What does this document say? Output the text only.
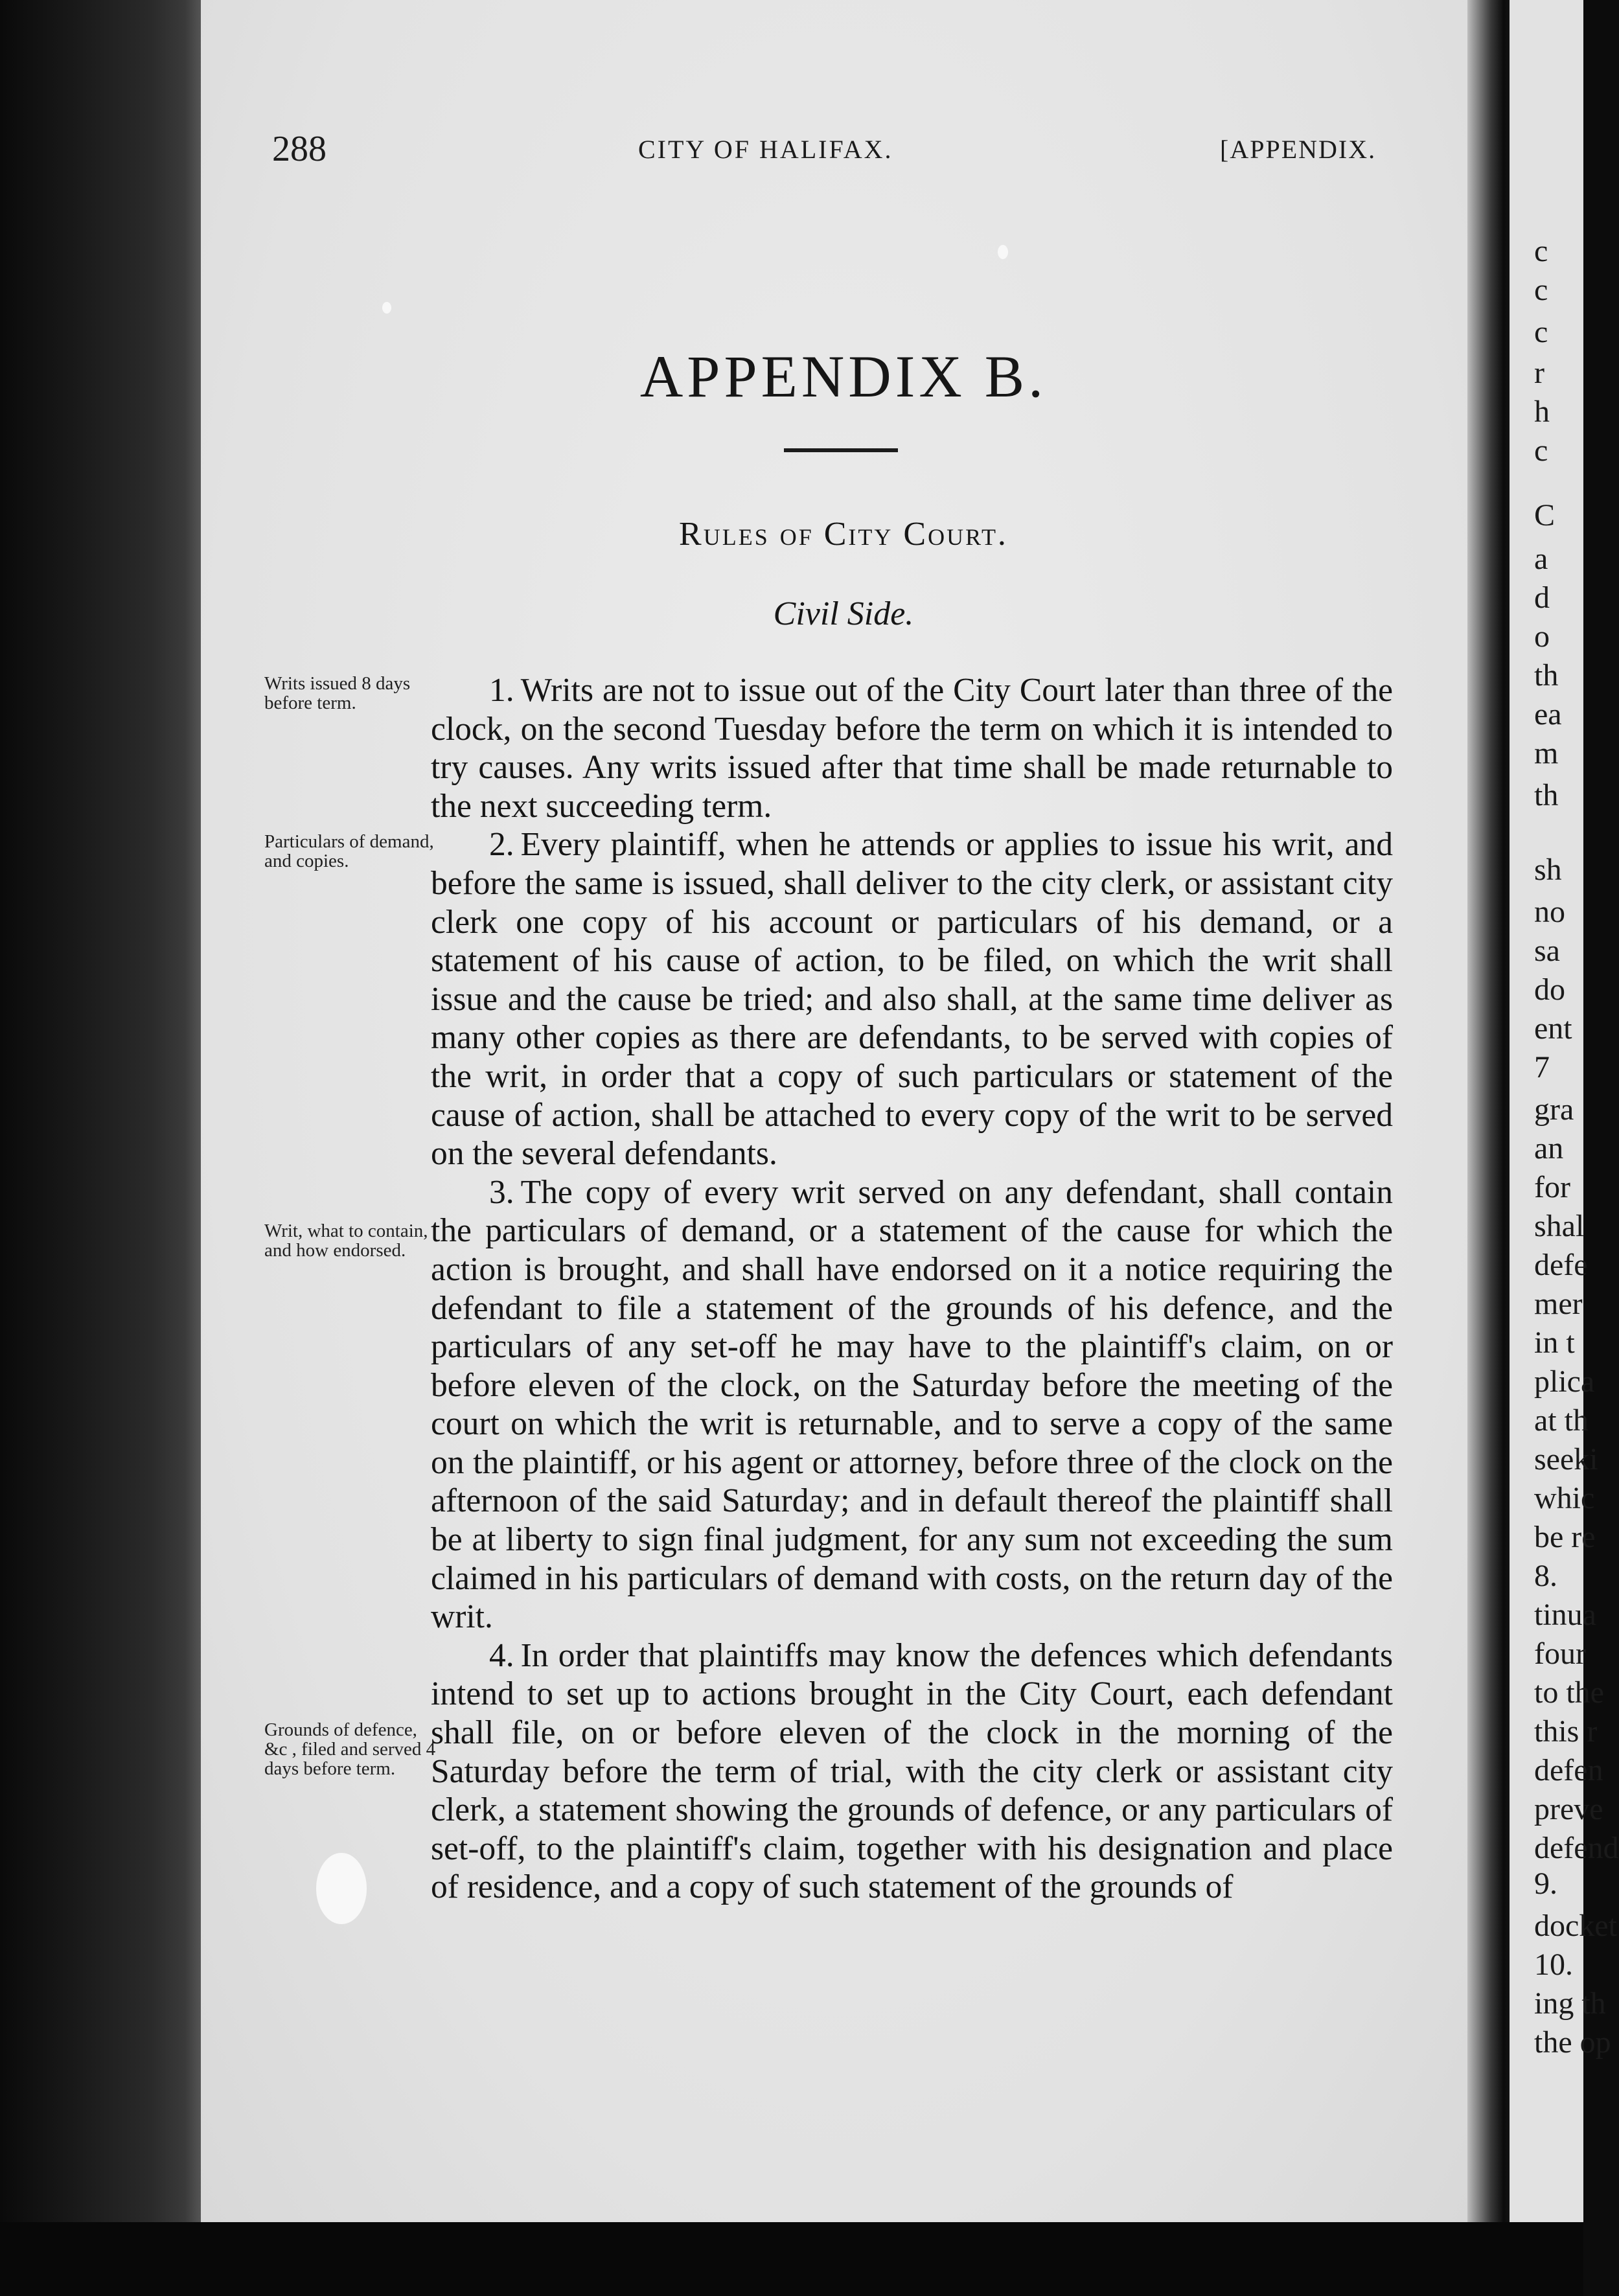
288	CITY OF HALIFAX.	[APPENDIX.
APPENDIX B.
Rules of City Court.
Civil Side.
Writs issued 8 days before term.
Particulars of demand, and copies.
Writ, what to contain, and how endorsed.
Grounds of defence, &c , filed and served 4 days before term.

1. Writs are not to issue out of the City Court later than three of the clock, on the second Tuesday before the term on which it is intended to try causes. Any writs issued after that time shall be made returnable to the next succeeding term.

2. Every plaintiff, when he attends or applies to issue his writ, and before the same is issued, shall deliver to the city clerk, or assistant city clerk one copy of his account or particulars of his demand, or a statement of his cause of action, to be filed, on which the writ shall issue and the cause be tried; and also shall, at the same time deliver as many other copies as there are defendants, to be served with copies of the writ, in order that a copy of such particulars or statement of the cause of action, shall be attached to every copy of the writ to be served on the several defendants.

3. The copy of every writ served on any defendant, shall contain the particulars of demand, or a statement of the cause for which the action is brought, and shall have endorsed on it a notice requiring the defendant to file a statement of the grounds of his defence, and the particulars of any set-off he may have to the plaintiff's claim, on or before eleven of the clock, on the Saturday before the meeting of the court on which the writ is returnable, and to serve a copy of the same on the plaintiff, or his agent or attorney, before three of the clock on the afternoon of the said Saturday; and in default thereof the plaintiff shall be at liberty to sign final judgment, for any sum not exceeding the sum claimed in his particulars of demand with costs, on the return day of the writ.

4. In order that plaintiffs may know the defences which defendants intend to set up to actions brought in the City Court, each defendant shall file, on or before eleven of the clock in the morning of the Saturday before the term of trial, with the city clerk or assistant city clerk, a statement showing the grounds of defence, or any particulars of set-off, to the plaintiff's claim, together with his designation and place of residence, and a copy of such statement of the grounds of

c
c
c
r
h
c
C
a
d
o
th
ea
m
th
sh
no
sa
do
ent
7
gra
an
for
shal
defe
mer
in t
plica
at th
seeki
whic
be re
8.
tinua
four
to the
this r
defen
preve
defend
9.
docket
10.
ing th
the op
